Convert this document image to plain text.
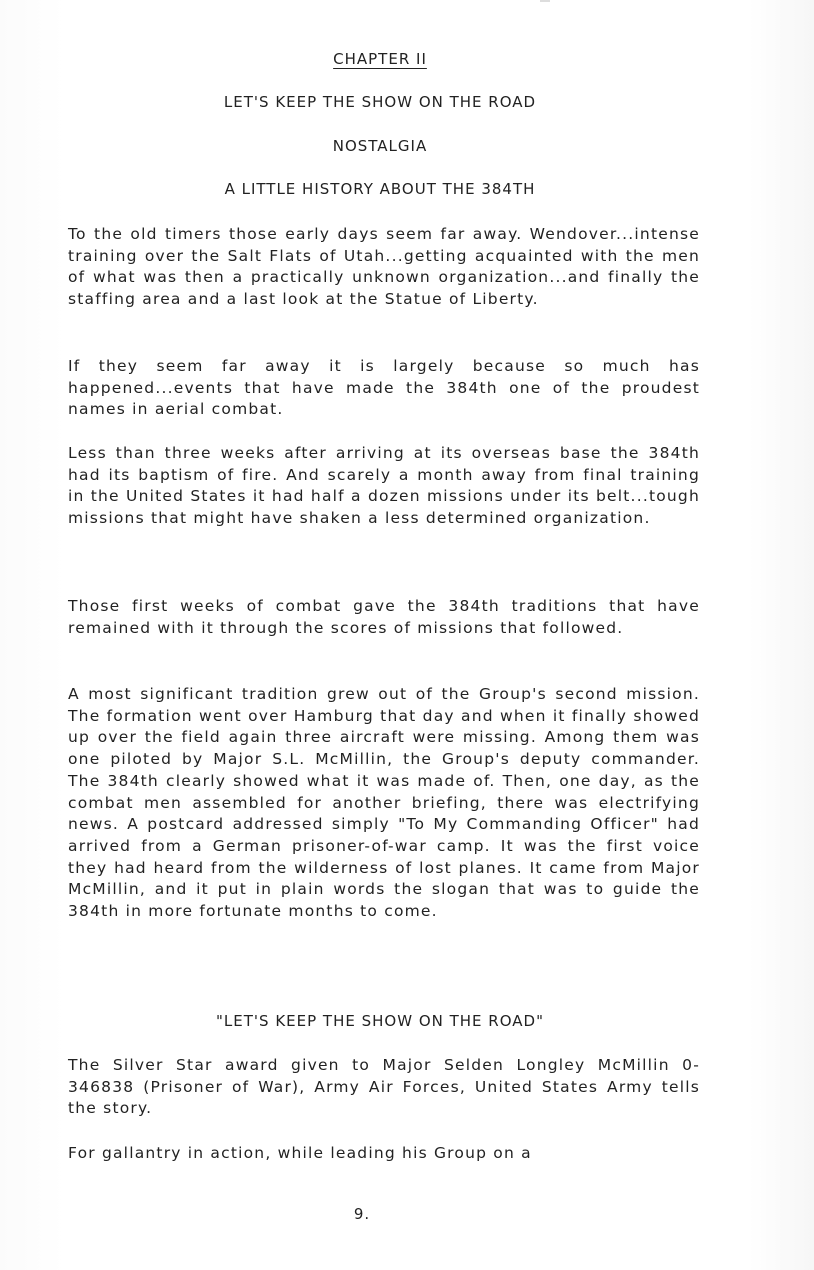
CHAPTER II
LET'S KEEP THE SHOW ON THE ROAD
NOSTALGIA
A LITTLE HISTORY ABOUT THE 384TH

To the old timers those early days seem far away. Wendover...intense training over the Salt Flats of Utah...getting acquainted with the men of what was then a practically unknown organization...and finally the staffing area and a last look at the Statue of Liberty.

If they seem far away it is largely because so much has happened...events that have made the 384th one of the proudest names in aerial combat.

Less than three weeks after arriving at its overseas base the 384th had its baptism of fire. And scarely a month away from final training in the United States it had half a dozen missions under its belt...tough missions that might have shaken a less determined organization.

Those first weeks of combat gave the 384th traditions that have remained with it through the scores of missions that followed.

A most significant tradition grew out of the Group's second mission. The formation went over Hamburg that day and when it finally showed up over the field again three aircraft were missing. Among them was one piloted by Major S.L. McMillin, the Group's deputy commander. The 384th clearly showed what it was made of. Then, one day, as the combat men assembled for another briefing, there was electrifying news. A postcard addressed simply "To My Commanding Officer" had arrived from a German prisoner-of-war camp. It was the first voice they had heard from the wilderness of lost planes. It came from Major McMillin, and it put in plain words the slogan that was to guide the 384th in more fortunate months to come.

"LET'S KEEP THE SHOW ON THE ROAD"

The Silver Star award given to Major Selden Longley McMillin 0-346838 (Prisoner of War), Army Air Forces, United States Army tells the story.

For gallantry in action, while leading his Group on a

9.
